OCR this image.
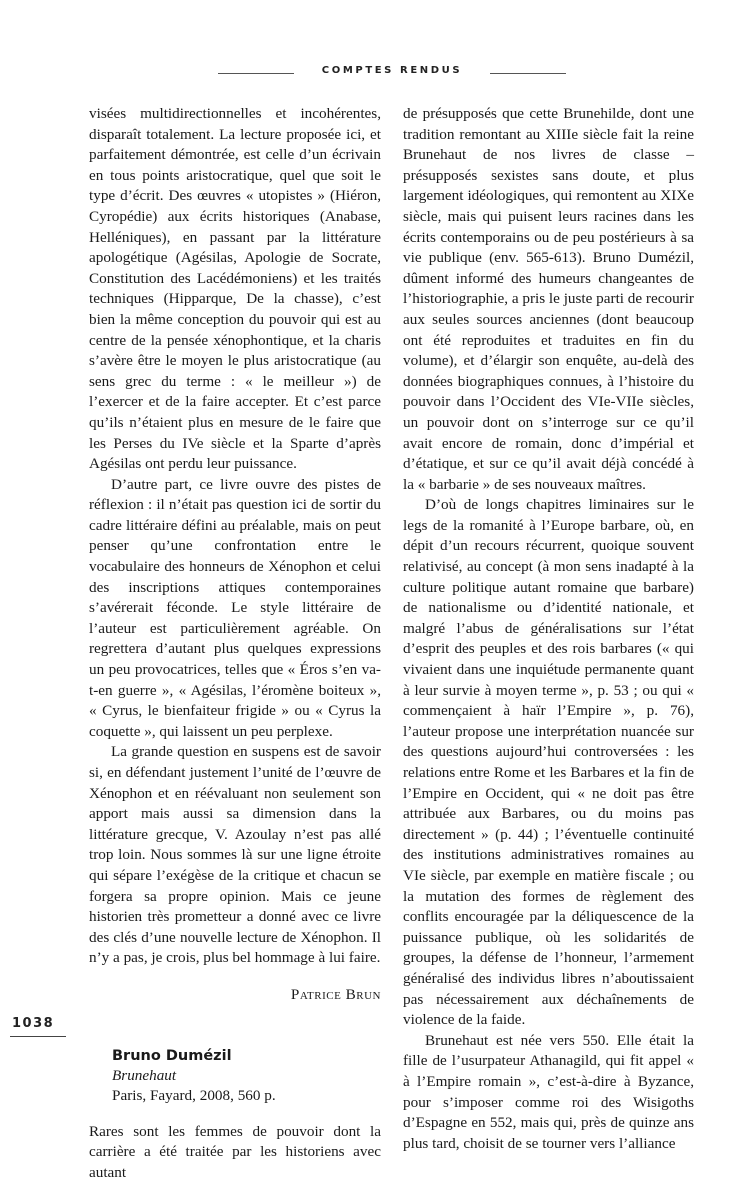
COMPTES RENDUS

visées multidirectionnelles et incohérentes, disparaît totalement. La lecture proposée ici, et parfaitement démontrée, est celle d’un écrivain en tous points aristocratique, quel que soit le type d’écrit. Des œuvres « utopistes » (Hiéron, Cyropédie) aux écrits historiques (Anabase, Helléniques), en passant par la littérature apologétique (Agésilas, Apologie de Socrate, Constitution des Lacédémoniens) et les traités techniques (Hipparque, De la chasse), c’est bien la même conception du pouvoir qui est au centre de la pensée xénophontique, et la charis s’avère être le moyen le plus aristocratique (au sens grec du terme : « le meilleur ») de l’exercer et de la faire accepter. Et c’est parce qu’ils n’étaient plus en mesure de le faire que les Perses du IVe siècle et la Sparte d’après Agésilas ont perdu leur puissance.

D’autre part, ce livre ouvre des pistes de réflexion : il n’était pas question ici de sortir du cadre littéraire défini au préalable, mais on peut penser qu’une confrontation entre le vocabulaire des honneurs de Xénophon et celui des inscriptions attiques contemporaines s’avérerait féconde. Le style littéraire de l’auteur est particulièrement agréable. On regrettera d’autant plus quelques expressions un peu provocatrices, telles que « Éros s’en va-t-en guerre », « Agésilas, l’éromène boiteux », « Cyrus, le bienfaiteur frigide » ou « Cyrus la coquette », qui laissent un peu perplexe.

La grande question en suspens est de savoir si, en défendant justement l’unité de l’œuvre de Xénophon et en réévaluant non seulement son apport mais aussi sa dimension dans la littérature grecque, V. Azoulay n’est pas allé trop loin. Nous sommes là sur une ligne étroite qui sépare l’exégèse de la critique et chacun se forgera sa propre opinion. Mais ce jeune historien très prometteur a donné avec ce livre des clés d’une nouvelle lecture de Xénophon. Il n’y a pas, je crois, plus bel hommage à lui faire.

Patrice Brun
Bruno Dumézil
Brunehaut
Paris, Fayard, 2008, 560 p.

Rares sont les femmes de pouvoir dont la carrière a été traitée par les historiens avec autant

de présupposés que cette Brunehilde, dont une tradition remontant au XIIIe siècle fait la reine Brunehaut de nos livres de classe – présupposés sexistes sans doute, et plus largement idéologiques, qui remontent au XIXe siècle, mais qui puisent leurs racines dans les écrits contemporains ou de peu postérieurs à sa vie publique (env. 565-613). Bruno Dumézil, dûment informé des humeurs changeantes de l’historiographie, a pris le juste parti de recourir aux seules sources anciennes (dont beaucoup ont été reproduites et traduites en fin du volume), et d’élargir son enquête, au-delà des données biographiques connues, à l’histoire du pouvoir dans l’Occident des VIe-VIIe siècles, un pouvoir dont on s’interroge sur ce qu’il avait encore de romain, donc d’impérial et d’étatique, et sur ce qu’il avait déjà concédé à la « barbarie » de ses nouveaux maîtres.

D’où de longs chapitres liminaires sur le legs de la romanité à l’Europe barbare, où, en dépit d’un recours récurrent, quoique souvent relativisé, au concept (à mon sens inadapté à la culture politique autant romaine que barbare) de nationalisme ou d’identité nationale, et malgré l’abus de généralisations sur l’état d’esprit des peuples et des rois barbares (« qui vivaient dans une inquiétude permanente quant à leur survie à moyen terme », p. 53 ; ou qui « commençaient à haïr l’Empire », p. 76), l’auteur propose une interprétation nuancée sur des questions aujourd’hui controversées : les relations entre Rome et les Barbares et la fin de l’Empire en Occident, qui « ne doit pas être attribuée aux Barbares, ou du moins pas directement » (p. 44) ; l’éventuelle continuité des institutions administratives romaines au VIe siècle, par exemple en matière fiscale ; ou la mutation des formes de règlement des conflits encouragée par la déliquescence de la puissance publique, où les solidarités de groupes, la défense de l’honneur, l’armement généralisé des individus libres n’aboutissaient pas nécessairement aux déchaînements de violence de la faide.

Brunehaut est née vers 550. Elle était la fille de l’usurpateur Athanagild, qui fit appel « à l’Empire romain », c’est-à-dire à Byzance, pour s’imposer comme roi des Wisigoths d’Espagne en 552, mais qui, près de quinze ans plus tard, choisit de se tourner vers l’alliance

1038
